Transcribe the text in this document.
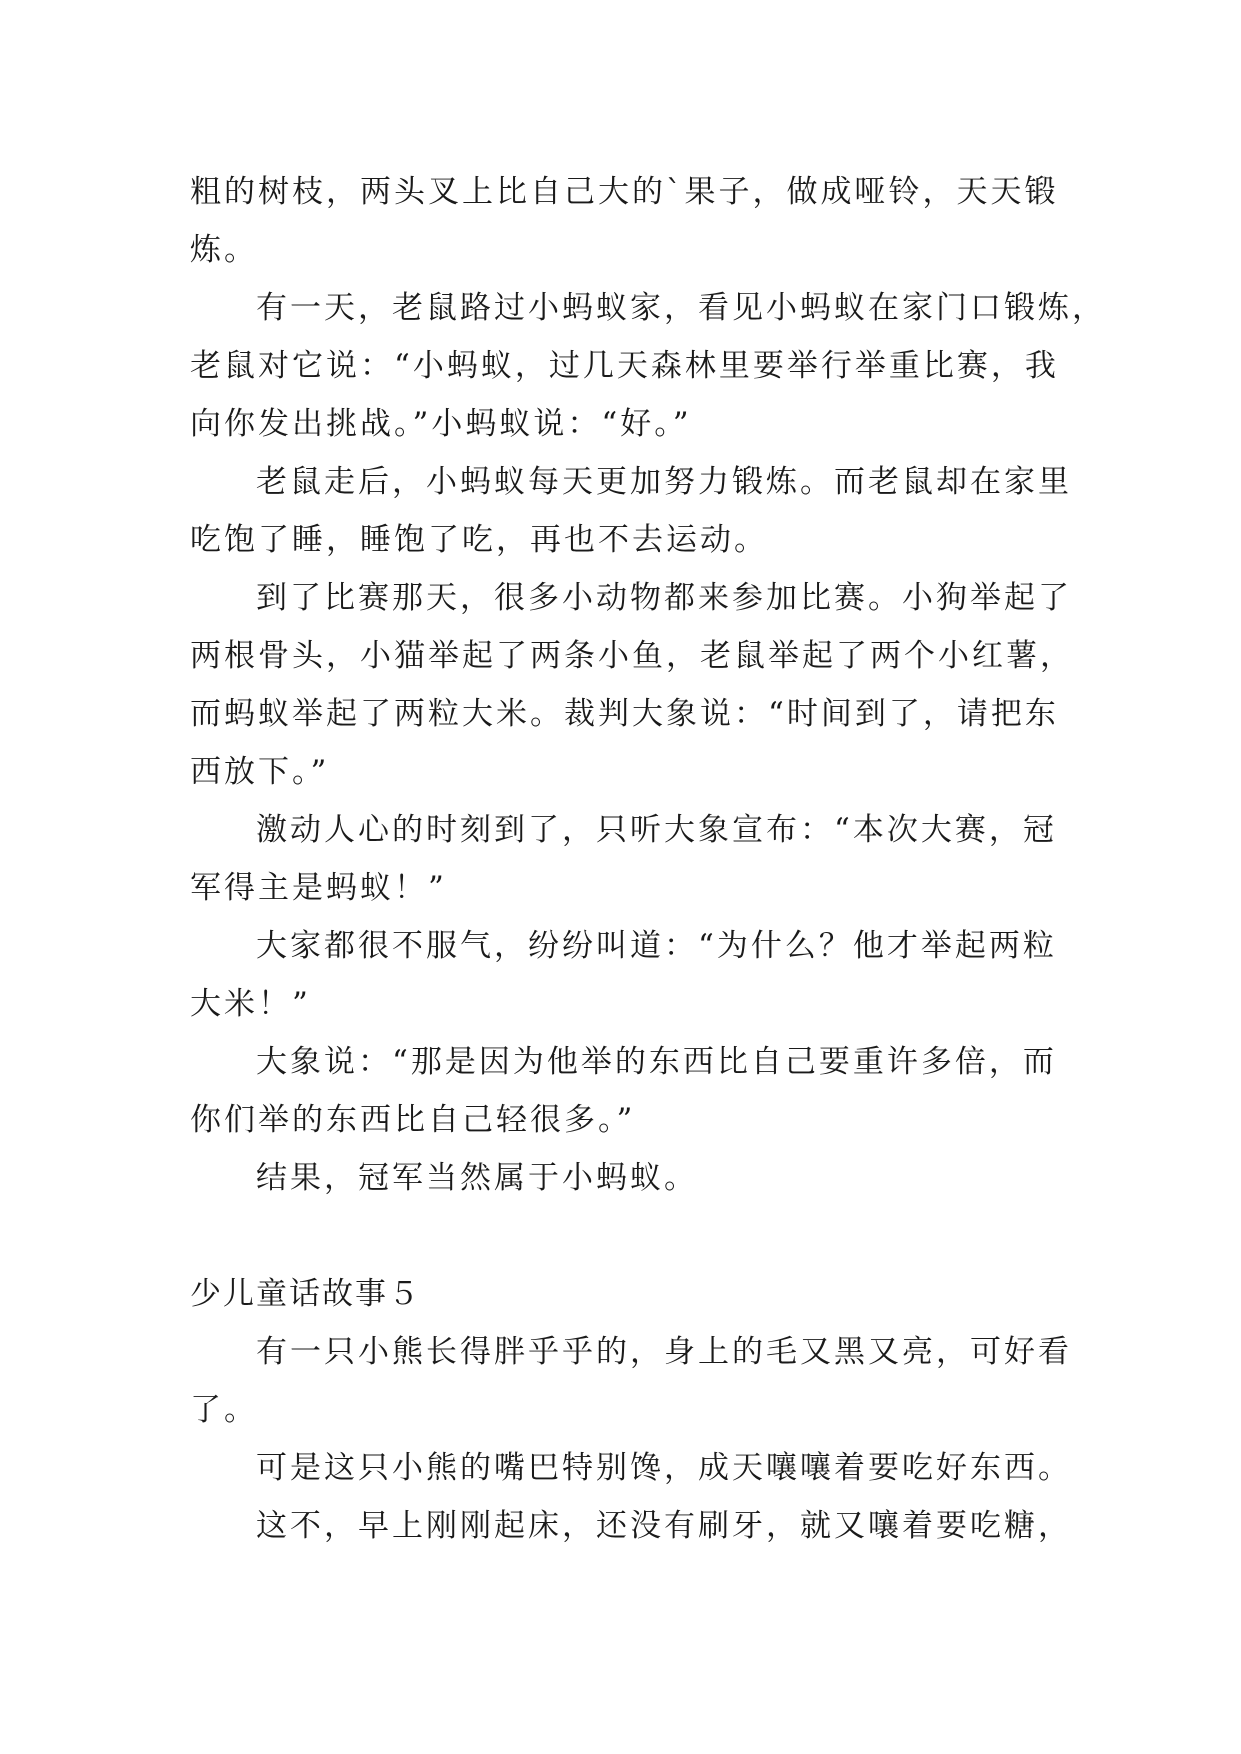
粗的树枝，两头叉上比自己大的`果子，做成哑铃，天天锻
炼。
有一天，老鼠路过小蚂蚁家，看见小蚂蚁在家门口锻炼，
老鼠对它说：“小蚂蚁，过几天森林里要举行举重比赛，我
向你发出挑战。”小蚂蚁说：“好。”
老鼠走后，小蚂蚁每天更加努力锻炼。而老鼠却在家里
吃饱了睡，睡饱了吃，再也不去运动。
到了比赛那天，很多小动物都来参加比赛。小狗举起了
两根骨头，小猫举起了两条小鱼，老鼠举起了两个小红薯，
而蚂蚁举起了两粒大米。裁判大象说：“时间到了，请把东
西放下。”
激动人心的时刻到了，只听大象宣布：“本次大赛，冠
军得主是蚂蚁！”
大家都很不服气，纷纷叫道：“为什么？他才举起两粒
大米！”
大象说：“那是因为他举的东西比自己要重许多倍，而
你们举的东西比自己轻很多。”
结果，冠军当然属于小蚂蚁。
少儿童话故事５
有一只小熊长得胖乎乎的，身上的毛又黑又亮，可好看
了。
可是这只小熊的嘴巴特别馋，成天嚷嚷着要吃好东西。
这不，早上刚刚起床，还没有刷牙，就又嚷着要吃糖，
